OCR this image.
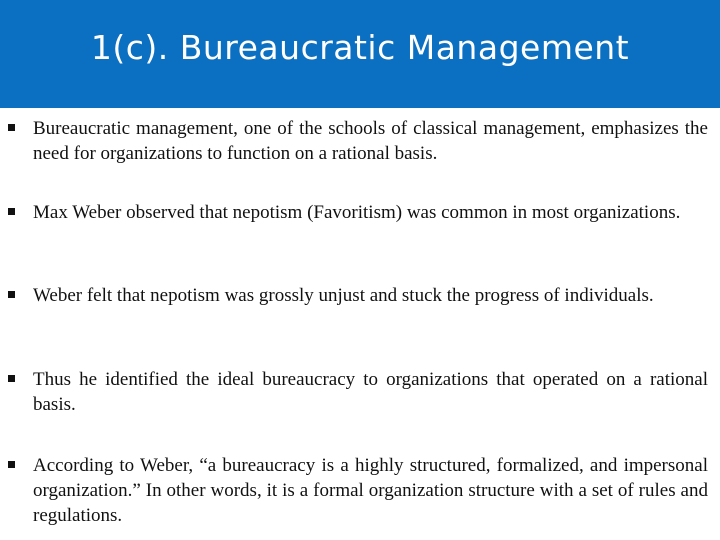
1(c). Bureaucratic Management
Bureaucratic management, one of the schools of classical management, emphasizes the need for organizations to function on a rational basis.
Max Weber observed that nepotism (Favoritism) was common in most organizations.
Weber felt that nepotism was grossly unjust and stuck the progress of individuals.
Thus he identified the ideal bureaucracy to organizations that operated on a rational basis.
According to Weber, “a bureaucracy is a highly structured, formalized, and impersonal organization.” In other words, it is a formal organization structure with a set of rules and regulations.
